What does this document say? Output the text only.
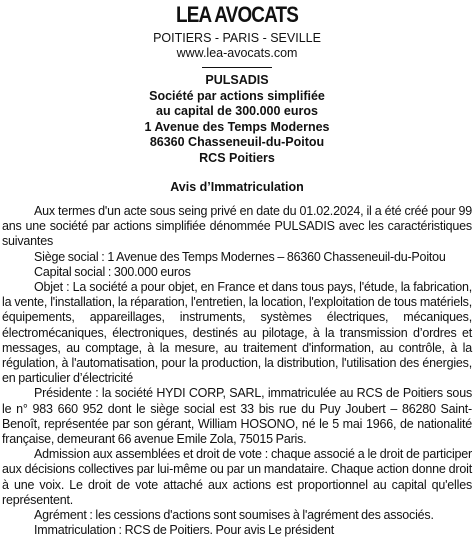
LEA AVOCATS
POITIERS - PARIS - SEVILLE
www.lea-avocats.com
PULSADIS
Société par actions simplifiée
au capital de 300.000 euros
1 Avenue des Temps Modernes
86360 Chasseneuil-du-Poitou
RCS Poitiers
Avis d’Immatriculation

Aux termes d'un acte sous seing privé en date du 01.02.2024, il a été créé pour 99 ans une société par actions simplifiée dénommée PULSADIS avec les caractéristiques suivantes

Siège social : 1 Avenue des Temps Modernes – 86360 Chasseneuil-du-Poitou

Capital social : 300.000 euros

Objet : La société a pour objet, en France et dans tous pays, l'étude, la fabrication, la vente, l'installation, la réparation, l'entretien, la location, l'exploitation de tous matériels, équipements, appareillages, instruments, systèmes électriques, mécaniques, électromécaniques, électroniques, destinés au pilotage, à la transmission d’ordres et messages, au comptage, à la mesure, au traitement d'information, au contrôle, à la régulation, à l'automatisation, pour la production, la distribution, l'utilisation des énergies, en particulier d’électricité

Présidente : la société HYDI CORP, SARL, immatriculée au RCS de Poitiers sous le n° 983 660 952 dont le siège social est 33 bis rue du Puy Joubert – 86280 Saint-Benoît, représentée par son gérant, William HOSONO, né le 5 mai 1966, de nationalité française, demeurant 66 avenue Emile Zola, 75015 Paris.

Admission aux assemblées et droit de vote : chaque associé a le droit de participer aux décisions collectives par lui-même ou par un mandataire. Chaque action donne droit à une voix. Le droit de vote attaché aux actions est proportionnel au capital qu'elles représentent.

Agrément : les cessions d'actions sont soumises à l'agrément des associés.

Immatriculation : RCS de Poitiers. Pour avis Le président
